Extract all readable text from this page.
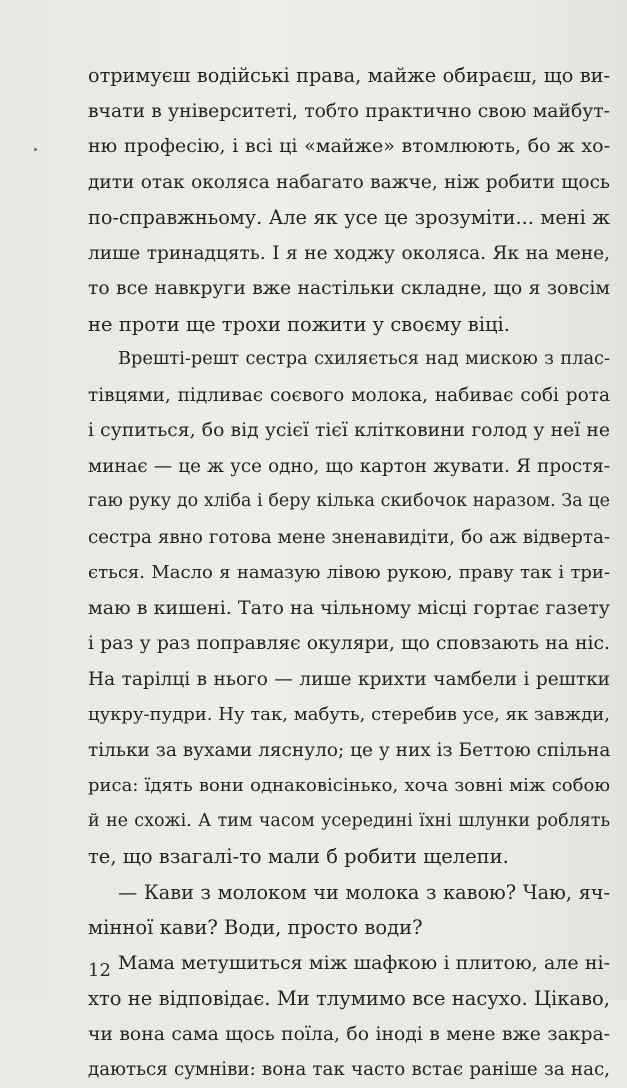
отримуєш водійські права, майже обираєш, що ви-
вчати в університеті, тобто практично свою майбут-
ню професію, і всі ці «майже» втомлюють, бо ж хо-
дити отак околяса набагато важче, ніж робити щось
по-справжньому. Але як усе це зрозуміти... мені ж
лише тринадцять. І я не ходжу околяса. Як на мене,
то все навкруги вже настільки складне, що я зовсім
не проти ще трохи пожити у своєму віці.
Врешті-решт сестра схиляється над мискою з плас-
тівцями, підливає соєвого молока, набиває собі рота
і супиться, бо від усієї тієї клітковини голод у неї не
минає — це ж усе одно, що картон жувати. Я простя-
гаю руку до хліба і беру кілька скибочок наразом. За це
сестра явно готова мене зненавидіти, бо аж відверта-
ється. Масло я намазую лівою рукою, праву так і три-
маю в кишені. Тато на чільному місці гортає газету
і раз у раз поправляє окуляри, що сповзають на ніс.
На тарілці в нього — лише крихти чамбели і рештки
цукру-пудри. Ну так, мабуть, стеребив усе, як завжди,
тільки за вухами ляснуло; це у них із Беттою спільна
риса: їдять вони однаковісінько, хоча зовні між собою
й не схожі. А тим часом усередині їхні шлунки роблять
те, що взагалі-то мали б робити щелепи.
— Кави з молоком чи молока з кавою? Чаю, яч-
мінної кави? Води, просто води?
Мама метушиться між шафкою і плитою, але ні-
хто не відповідає. Ми тлумимо все насухо. Цікаво,
чи вона сама щось поїла, бо іноді в мене вже закра-
даються сумніви: вона так часто встає раніше за нас,
12
